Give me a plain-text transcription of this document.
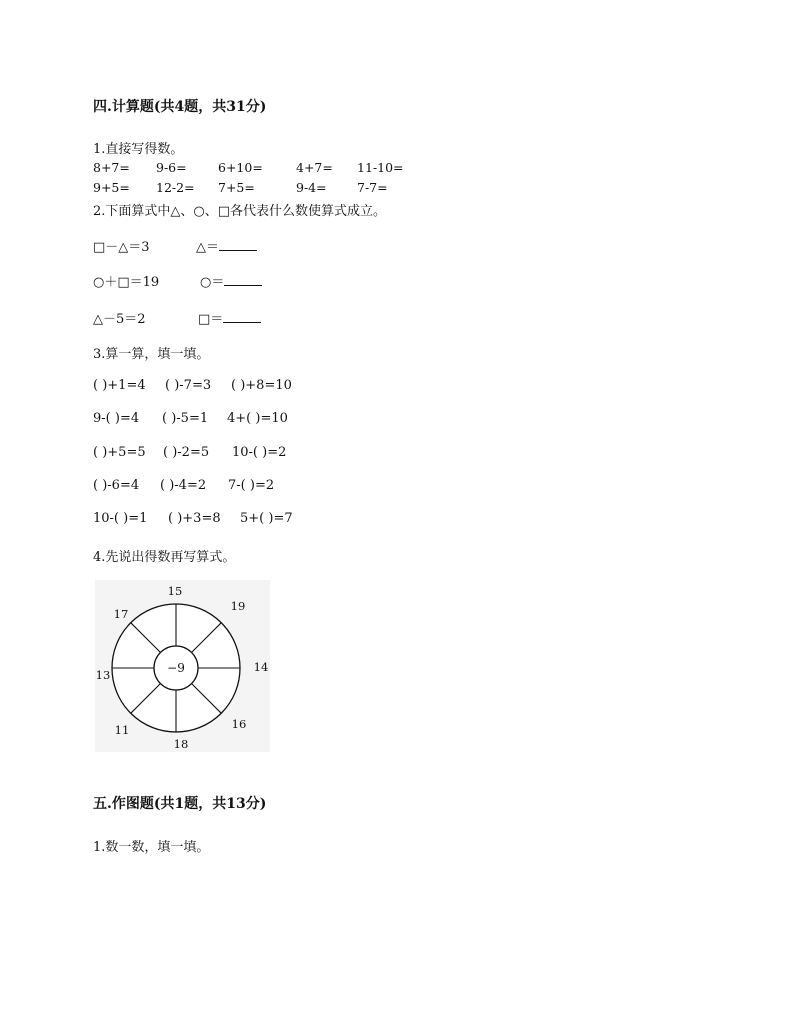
四.计算题(共4题，共31分)
1.直接写得数。
8+7= 9-6=	6+10=	4+7= 11-10=
9+5= 12-2= 7+5=	9-4= 7-7=
2.下面算式中△、○、□各代表什么数使算式成立。
□－△＝3	△＝
○＋□＝19	○＝
△－5＝2	□＝
3.算一算，填一填。
( )+1=4 ( )-7=3 ( )+8=10
9-( )=4 ( )-5=1 4+( )=10
( )+5=5 ( )-2=5 10-( )=2
( )-6=4 ( )-4=2 7-( )=2
10-( )=1 ( )+3=8 5+( )=7
4.先说出得数再写算式。
−9
15
19
14
16
18
11
13
17
五.作图题(共1题，共13分)
1.数一数，填一填。
